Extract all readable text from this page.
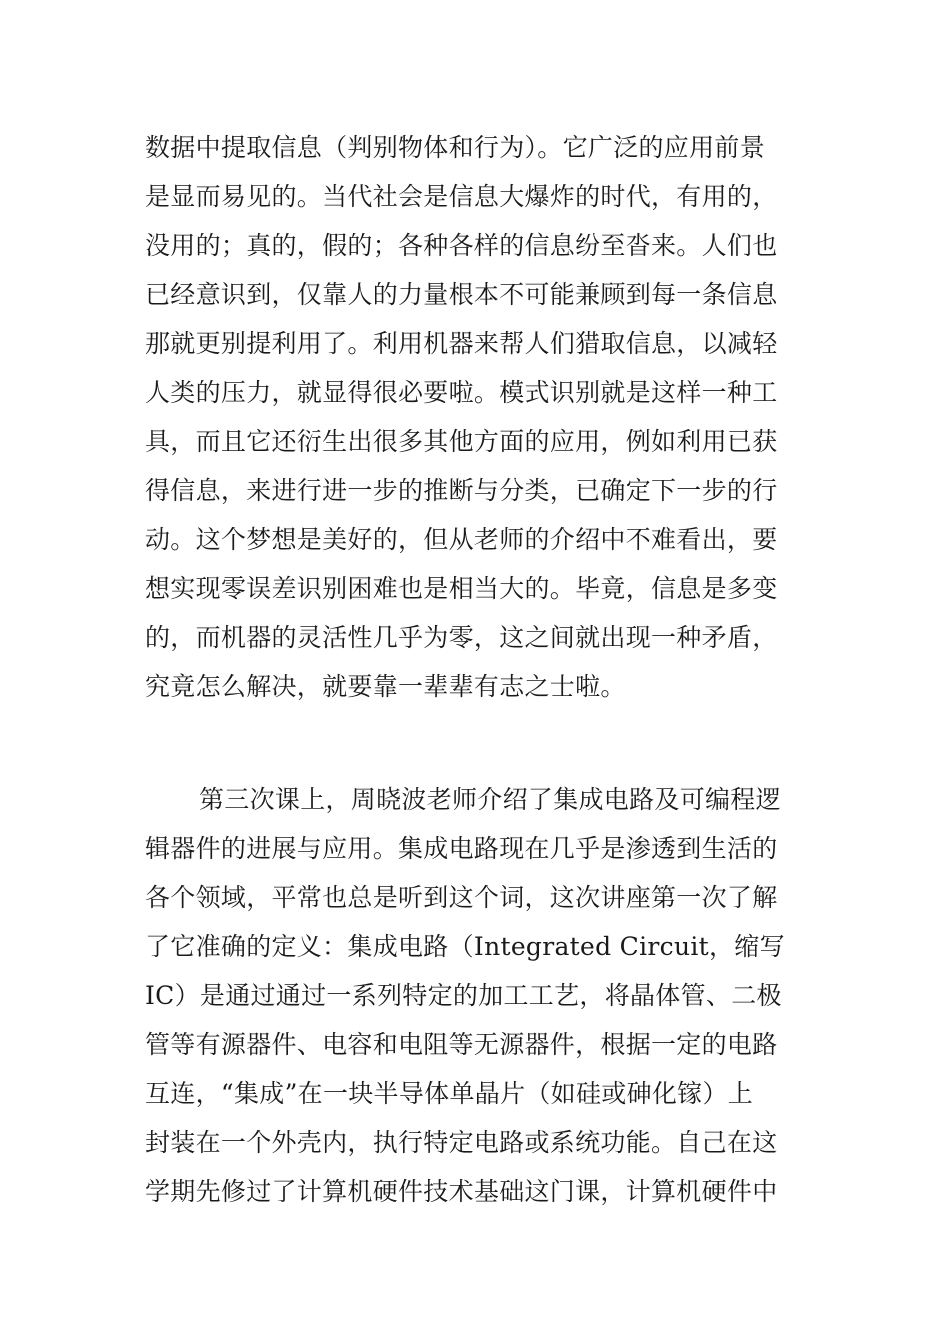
数据中提取信息（判别物体和行为）。它广泛的应用前景
是显而易见的。当代社会是信息大爆炸的时代，有用的，
没用的；真的，假的；各种各样的信息纷至沓来。人们也
已经意识到，仅靠人的力量根本不可能兼顾到每一条信息
那就更别提利用了。利用机器来帮人们猎取信息，以减轻
人类的压力，就显得很必要啦。模式识别就是这样一种工
具，而且它还衍生出很多其他方面的应用，例如利用已获
得信息，来进行进一步的推断与分类，已确定下一步的行
动。这个梦想是美好的，但从老师的介绍中不难看出，要
想实现零误差识别困难也是相当大的。毕竟，信息是多变
的，而机器的灵活性几乎为零，这之间就出现一种矛盾，
究竟怎么解决，就要靠一辈辈有志之士啦。
第三次课上，周晓波老师介绍了集成电路及可编程逻
辑器件的进展与应用。集成电路现在几乎是渗透到生活的
各个领域，平常也总是听到这个词，这次讲座第一次了解
了它准确的定义：集成电路（Integrated Circuit，缩写
IC）是通过通过一系列特定的加工工艺，将晶体管、二极
管等有源器件、电容和电阻等无源器件，根据一定的电路
互连，“集成”在一块半导体单晶片（如硅或砷化镓）上
封装在一个外壳内，执行特定电路或系统功能。自己在这
学期先修过了计算机硬件技术基础这门课，计算机硬件中
